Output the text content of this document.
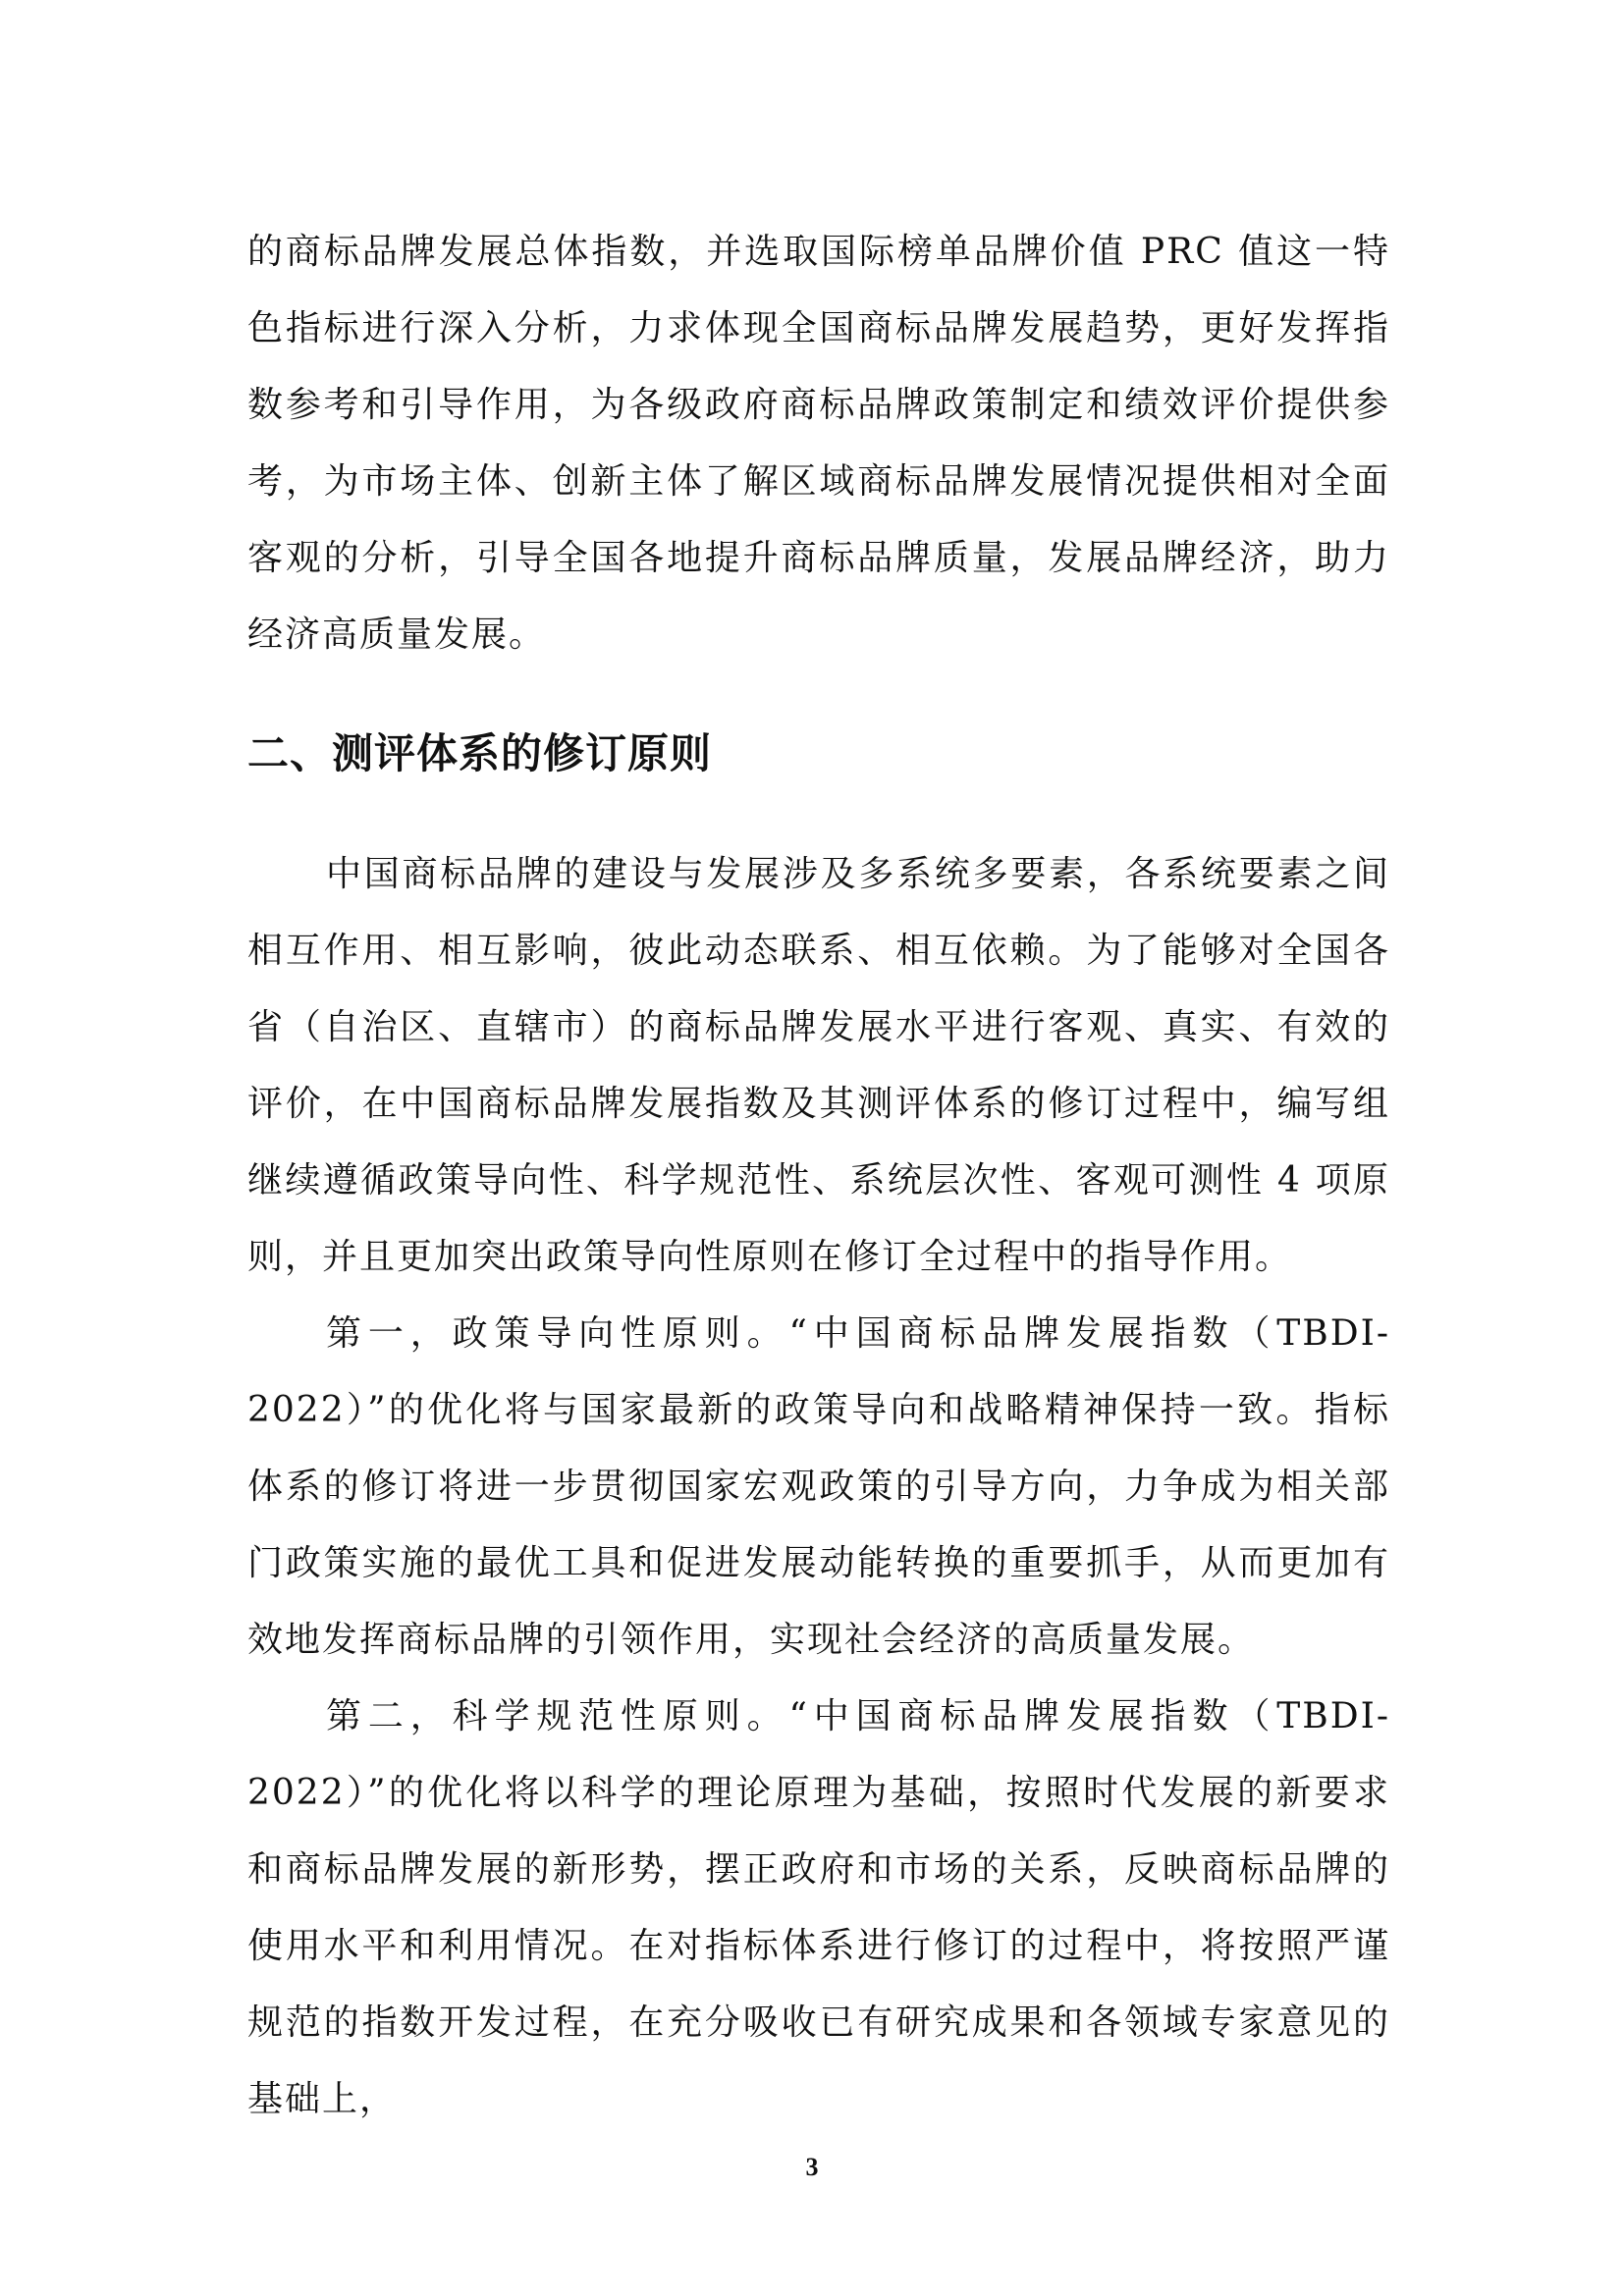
的商标品牌发展总体指数，并选取国际榜单品牌价值 PRC 值这一特色指标进行深入分析，力求体现全国商标品牌发展趋势，更好发挥指数参考和引导作用，为各级政府商标品牌政策制定和绩效评价提供参考，为市场主体、创新主体了解区域商标品牌发展情况提供相对全面客观的分析，引导全国各地提升商标品牌质量，发展品牌经济，助力经济高质量发展。

二、测评体系的修订原则

中国商标品牌的建设与发展涉及多系统多要素，各系统要素之间相互作用、相互影响，彼此动态联系、相互依赖。为了能够对全国各省（自治区、直辖市）的商标品牌发展水平进行客观、真实、有效的评价，在中国商标品牌发展指数及其测评体系的修订过程中，编写组继续遵循政策导向性、科学规范性、系统层次性、客观可测性 4 项原则，并且更加突出政策导向性原则在修订全过程中的指导作用。

第一，政策导向性原则。“中国商标品牌发展指数（TBDI-2022）”的优化将与国家最新的政策导向和战略精神保持一致。指标体系的修订将进一步贯彻国家宏观政策的引导方向，力争成为相关部门政策实施的最优工具和促进发展动能转换的重要抓手，从而更加有效地发挥商标品牌的引领作用，实现社会经济的高质量发展。

第二，科学规范性原则。“中国商标品牌发展指数（TBDI-2022）”的优化将以科学的理论原理为基础，按照时代发展的新要求和商标品牌发展的新形势，摆正政府和市场的关系，反映商标品牌的使用水平和利用情况。在对指标体系进行修订的过程中，将按照严谨规范的指数开发过程，在充分吸收已有研究成果和各领域专家意见的基础上，

3
